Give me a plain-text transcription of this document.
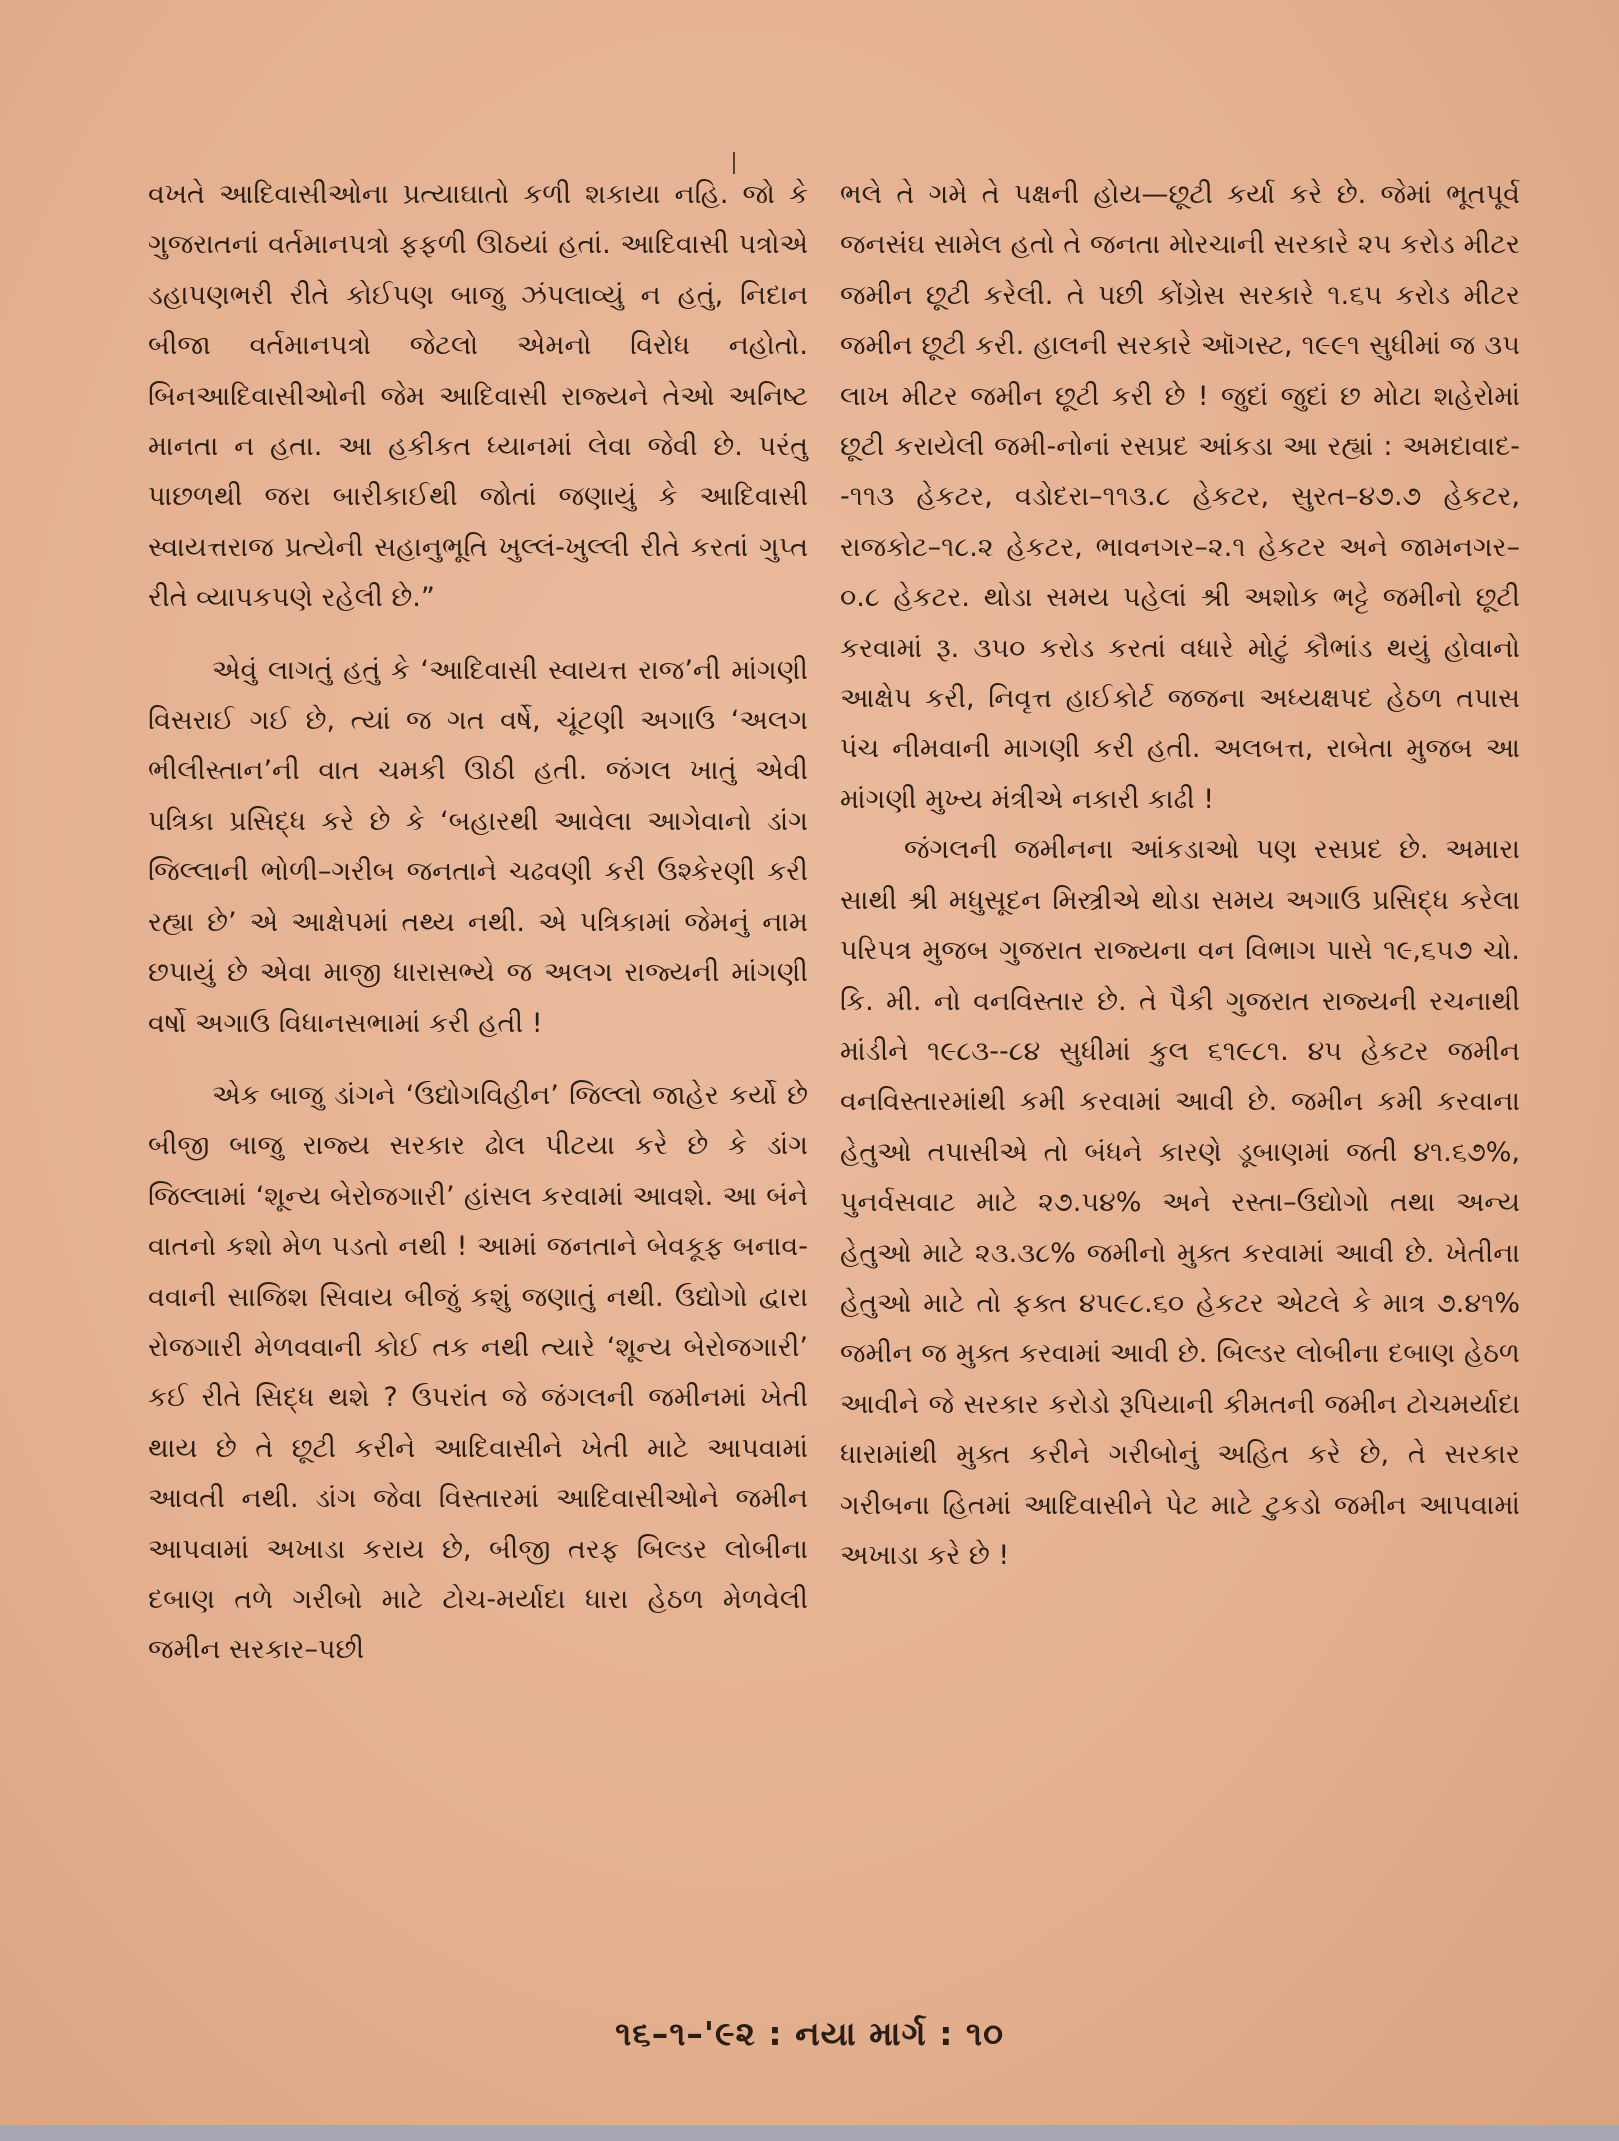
વખતે આદિવાસીઓના પ્રત્યાઘાતો કળી શકાયા નહિ. જો કે ગુજરાતનાં વર્તમાનપત્રો ફફળી ઊઠયાં હતાં. આદિવાસી પત્રોએ ડહાપણભરી રીતે કોઈપણ બાજુ ઝંપલાવ્યું ન હતું, નિદાન બીજા વર્તમાનપત્રો જેટલો એમનો વિરોધ નહોતો. બિનઆદિવાસીઓની જેમ આદિવાસી રાજ્યને તેઓ અનિષ્ટ માનતા ન હતા. આ હકીકત ધ્યાનમાં લેવા જેવી છે. પરંતુ પાછળથી જરા બારીકાઈથી જોતાં જણાયું કે આદિવાસી સ્વાયત્તરાજ પ્રત્યેની સહાનુભૂતિ ખુલ્લં-ખુલ્લી રીતે કરતાં ગુપ્ત રીતે વ્યાપકપણે રહેલી છે.”

એવું લાગતું હતું કે ‘આદિવાસી સ્વાયત્ત રાજ’ની માંગણી વિસરાઈ ગઈ છે, ત્યાં જ ગત વર્ષે, ચૂંટણી અગાઉ ‘અલગ ભીલીસ્તાન’ની વાત ચમકી ઊઠી હતી. જંગલ ખાતું એવી પત્રિકા પ્રસિદ્ધ કરે છે કે ‘બહારથી આવેલા આગેવાનો ડાંગ જિલ્લાની ભોળી–ગરીબ જનતાને ચઢવણી કરી ઉશ્કેરણી કરી રહ્યા છે’ એ આક્ષેપમાં તથ્ય નથી. એ પત્રિકામાં જેમનું નામ છપાયું છે એવા માજી ધારાસભ્યે જ અલગ રાજ્યની માંગણી વર્ષો અગાઉ વિધાનસભામાં કરી હતી !

એક બાજુ ડાંગને ‘ઉદ્યોગવિહીન’ જિલ્લો જાહેર કર્યો છે બીજી બાજુ રાજ્ય સરકાર ઢોલ પીટયા કરે છે કે ડાંગ જિલ્લામાં ‘શૂન્ય બેરોજગારી’ હાંસલ કરવામાં આવશે. આ બંને વાતનો કશો મેળ પડતો નથી ! આમાં જનતાને બેવકૂફ બનાવ-વવાની સાજિશ સિવાય બીજું કશું જણાતું નથી. ઉદ્યોગો દ્વારા રોજગારી મેળવવાની કોઈ તક નથી ત્યારે ‘શૂન્ય બેરોજગારી’ કઈ રીતે સિદ્ધ થશે ? ઉપરાંત જે જંગલની જમીનમાં ખેતી થાય છે તે છૂટી કરીને આદિવાસીને ખેતી માટે આપવામાં આવતી નથી. ડાંગ જેવા વિસ્તારમાં આદિવાસીઓને જમીન આપવામાં અખાડા કરાય છે, બીજી તરફ બિલ્ડર લોબીના દબાણ તળે ગરીબો માટે ટોચ-મર્યાદા ધારા હેઠળ મેળવેલી જમીન સરકાર–પછી

ભલે તે ગમે તે પક્ષની હોય—છૂટી કર્યા કરે છે. જેમાં ભૂતપૂર્વ જનસંઘ સામેલ હતો તે જનતા મોરચાની સરકારે ૨૫ કરોડ મીટર જમીન છૂટી કરેલી. તે પછી કોંગ્રેસ સરકારે ૧.૬૫ કરોડ મીટર જમીન છૂટી કરી. હાલની સરકારે ઑગસ્ટ, ૧૯૯૧ સુધીમાં જ ૩૫ લાખ મીટર જમીન છૂટી કરી છે ! જુદાં જુદાં છ મોટા શહેરોમાં છૂટી કરાયેલી જમી-નોનાં રસપ્રદ આંકડા આ રહ્યાં : અમદાવાદ--૧૧૩ હેકટર, વડોદરા–૧૧૩.૮ હેકટર, સુરત–૪૭.૭ હેકટર, રાજકોટ–૧૮.૨ હેકટર, ભાવનગર–૨.૧ હેકટર અને જામનગર–૦.૮ હેકટર. થોડા સમય પહેલાં શ્રી અશોક ભટ્ટે જમીનો છૂટી કરવામાં રૂ. ૩૫૦ કરોડ કરતાં વધારે મોટું કૌભાંડ થયું હોવાનો આક્ષેપ કરી, નિવૃત્ત હાઈકોર્ટ જજના અધ્યક્ષપદ હેઠળ તપાસ પંચ નીમવાની માગણી કરી હતી. અલબત્ત, રાબેતા મુજબ આ માંગણી મુખ્ય મંત્રીએ નકારી કાઢી !

જંગલની જમીનના આંકડાઓ પણ રસપ્રદ છે. અમારા સાથી શ્રી મધુસૂદન મિસ્ત્રીએ થોડા સમય અગાઉ પ્રસિદ્ધ કરેલા પરિપત્ર મુજબ ગુજરાત રાજ્યના વન વિભાગ પાસે ૧૯,૬૫૭ ચો. કિ. મી. નો વનવિસ્તાર છે. તે પૈકી ગુજરાત રાજ્યની રચનાથી માંડીને ૧૯૮૩--૮૪ સુધીમાં કુલ ૬૧૯૮૧. ૪૫ હેકટર જમીન વનવિસ્તારમાંથી કમી કરવામાં આવી છે. જમીન કમી કરવાના હેતુઓ તપાસીએ તો બંધને કારણે ડૂબાણમાં જતી ૪૧.૬૭%, પુનર્વસવાટ માટે ૨૭.૫૪% અને રસ્તા–ઉદ્યોગો તથા અન્ય હેતુઓ માટે ૨૩.૩૮% જમીનો મુક્ત કરવામાં આવી છે. ખેતીના હેતુઓ માટે તો ફક્ત ૪૫૯૮.૬૦ હેકટર એટલે કે માત્ર ૭.૪૧% જમીન જ મુક્ત કરવામાં આવી છે. બિલ્ડર લોબીના દબાણ હેઠળ આવીને જે સરકાર કરોડો રૂપિયાની કીમતની જમીન ટોચમર્યાદા ધારામાંથી મુક્ત કરીને ગરીબોનું અહિત કરે છે, તે સરકાર ગરીબના હિતમાં આદિવાસીને પેટ માટે ટુકડો જમીન આપવામાં અખાડા કરે છે !

૧૬–૧–'૯૨ : નયા માર્ગ : ૧૦
